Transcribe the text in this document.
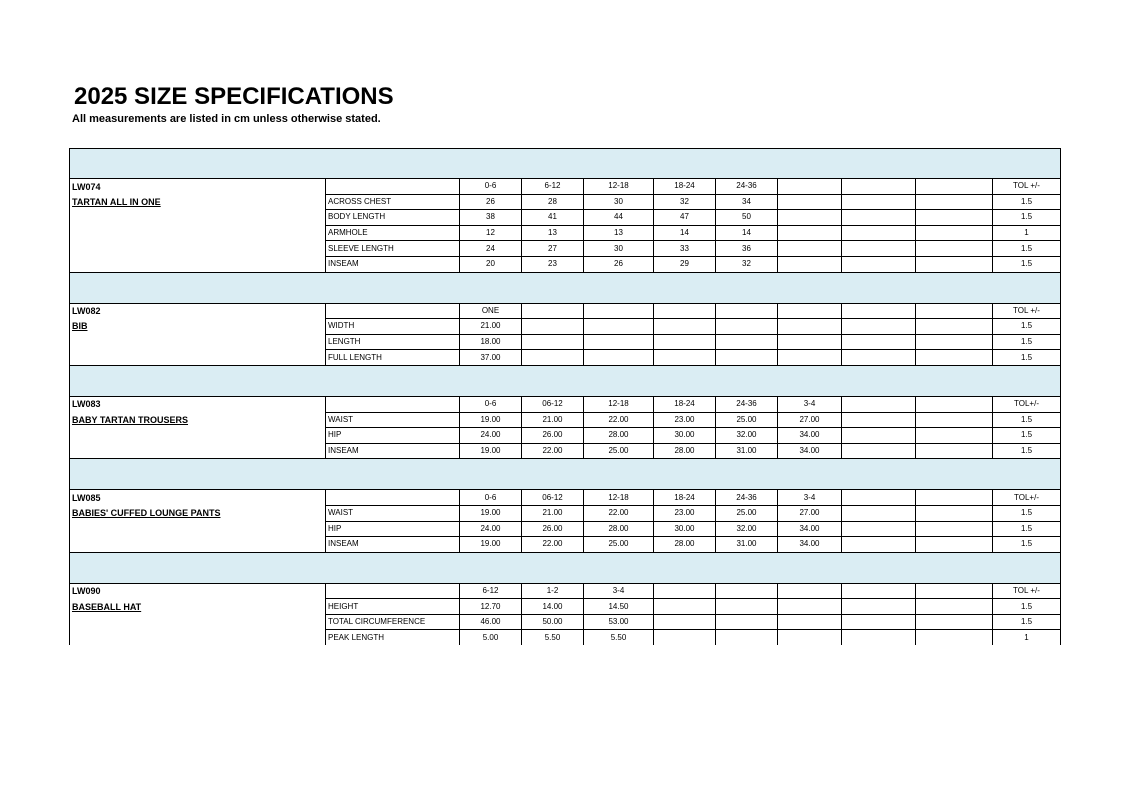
2025 SIZE SPECIFICATIONS
All measurements are listed in cm unless otherwise stated.

LW074		0-6	6-12	12-18	18-24	24-36				TOL +/-
TARTAN ALL IN ONE	ACROSS CHEST	26	28	30	32	34				1.5
	BODY LENGTH	38	41	44	47	50				1.5
	ARMHOLE	12	13	13	14	14				1
	SLEEVE LENGTH	24	27	30	33	36				1.5
	INSEAM	20	23	26	29	32				1.5

LW082		ONE								TOL +/-
BIB	WIDTH	21.00								1.5
	LENGTH	18.00								1.5
	FULL LENGTH	37.00								1.5

LW083		0-6	06-12	12-18	18-24	24-36	3-4			TOL+/-
BABY TARTAN TROUSERS	WAIST	19.00	21.00	22.00	23.00	25.00	27.00			1.5
	HIP	24.00	26.00	28.00	30.00	32.00	34.00			1.5
	INSEAM	19.00	22.00	25.00	28.00	31.00	34.00			1.5

LW085		0-6	06-12	12-18	18-24	24-36	3-4			TOL+/-
BABIES' CUFFED LOUNGE PANTS	WAIST	19.00	21.00	22.00	23.00	25.00	27.00			1.5
	HIP	24.00	26.00	28.00	30.00	32.00	34.00			1.5
	INSEAM	19.00	22.00	25.00	28.00	31.00	34.00			1.5

LW090		6-12	1-2	3-4						TOL +/-
BASEBALL HAT	HEIGHT	12.70	14.00	14.50						1.5
	TOTAL CIRCUMFERENCE	46.00	50.00	53.00						1.5
	PEAK LENGTH	5.00	5.50	5.50						1
